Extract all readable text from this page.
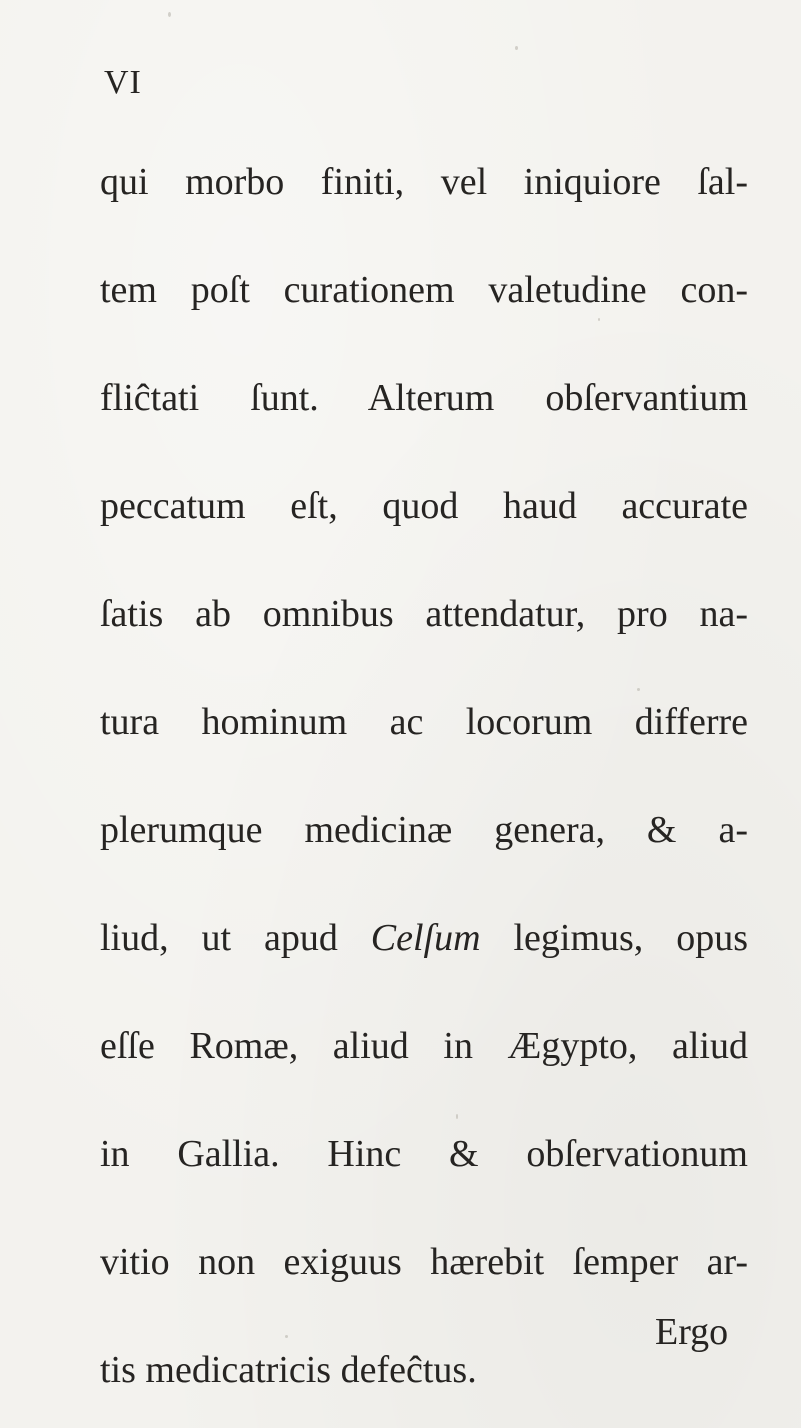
VI
qui morbo finiti, vel iniquiore ſal-
tem poſt curationem valetudine con-
fliĉtati ſunt. Alterum obſervantium
peccatum eſt, quod haud accurate
ſatis ab omnibus attendatur, pro na-
tura hominum ac locorum differre
plerumque medicinæ genera, & a-
liud, ut apud Celſum legimus, opus
eſſe Romæ, aliud in Ægypto, aliud
in Gallia. Hinc & obſervationum
vitio non exiguus hærebit ſemper ar-
tis medicatricis defeĉtus.
Ergo
